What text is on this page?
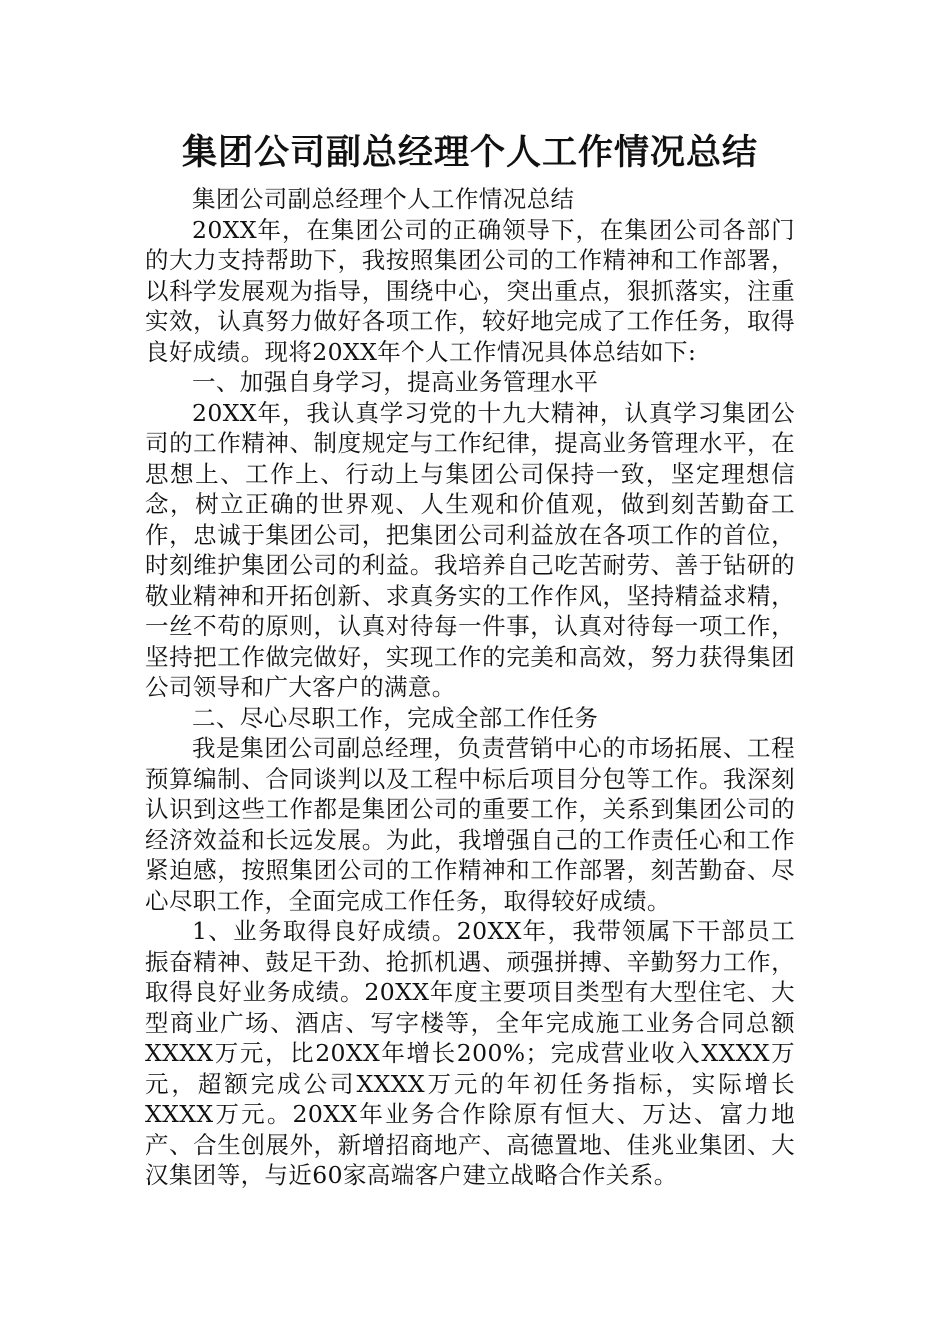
集团公司副总经理个人工作情况总结

集团公司副总经理个人工作情况总结

20XX年，在集团公司的正确领导下，在集团公司各部门的大力支持帮助下，我按照集团公司的工作精神和工作部署，以科学发展观为指导，围绕中心，突出重点，狠抓落实，注重实效，认真努力做好各项工作，较好地完成了工作任务，取得良好成绩。现将20XX年个人工作情况具体总结如下:

一、加强自身学习，提高业务管理水平

20XX年，我认真学习党的十九大精神，认真学习集团公司的工作精神、制度规定与工作纪律，提高业务管理水平，在思想上、工作上、行动上与集团公司保持一致，坚定理想信念，树立正确的世界观、人生观和价值观，做到刻苦勤奋工作，忠诚于集团公司，把集团公司利益放在各项工作的首位，时刻维护集团公司的利益。我培养自己吃苦耐劳、善于钻研的敬业精神和开拓创新、求真务实的工作作风，坚持精益求精，一丝不苟的原则，认真对待每一件事，认真对待每一项工作，坚持把工作做完做好，实现工作的完美和高效，努力获得集团公司领导和广大客户的满意。

二、尽心尽职工作，完成全部工作任务

我是集团公司副总经理，负责营销中心的市场拓展、工程预算编制、合同谈判以及工程中标后项目分包等工作。我深刻认识到这些工作都是集团公司的重要工作，关系到集团公司的经济效益和长远发展。为此，我增强自己的工作责任心和工作紧迫感，按照集团公司的工作精神和工作部署，刻苦勤奋、尽心尽职工作，全面完成工作任务，取得较好成绩。

1、业务取得良好成绩。20XX年，我带领属下干部员工振奋精神、鼓足干劲、抢抓机遇、顽强拼搏、辛勤努力工作，取得良好业务成绩。20XX年度主要项目类型有大型住宅、大型商业广场、酒店、写字楼等，全年完成施工业务合同总额XXXX万元，比20XX年增长200%；完成营业收入XXXX万元，超额完成公司XXXX万元的年初任务指标，实际增长XXXX万元。20XX年业务合作除原有恒大、万达、富力地产、合生创展外，新增招商地产、高德置地、佳兆业集团、大汉集团等，与近60家高端客户建立战略合作关系。
